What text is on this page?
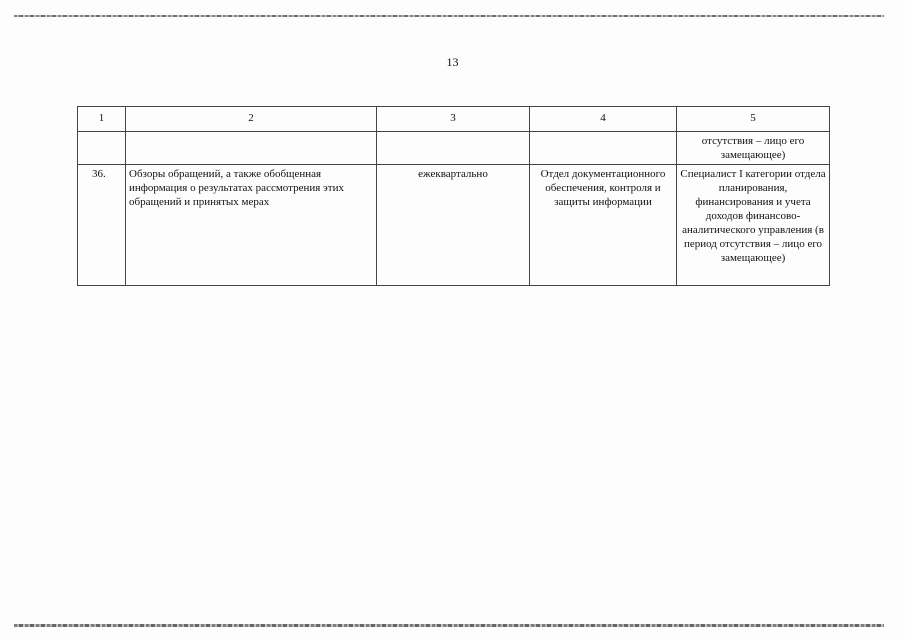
13
1	2	3	4	5
				отсутствия – лицо его замещающее)
36.	Обзоры обращений, а также обобщенная информация о результатах рассмотрения этих обращений и принятых мерах	ежеквартально	Отдел документационного обеспечения, контроля и защиты информации	Специалист I категории отдела планирования, финансирования и учета доходов финансово-аналитического управления (в период отсутствия – лицо его замещающее)
